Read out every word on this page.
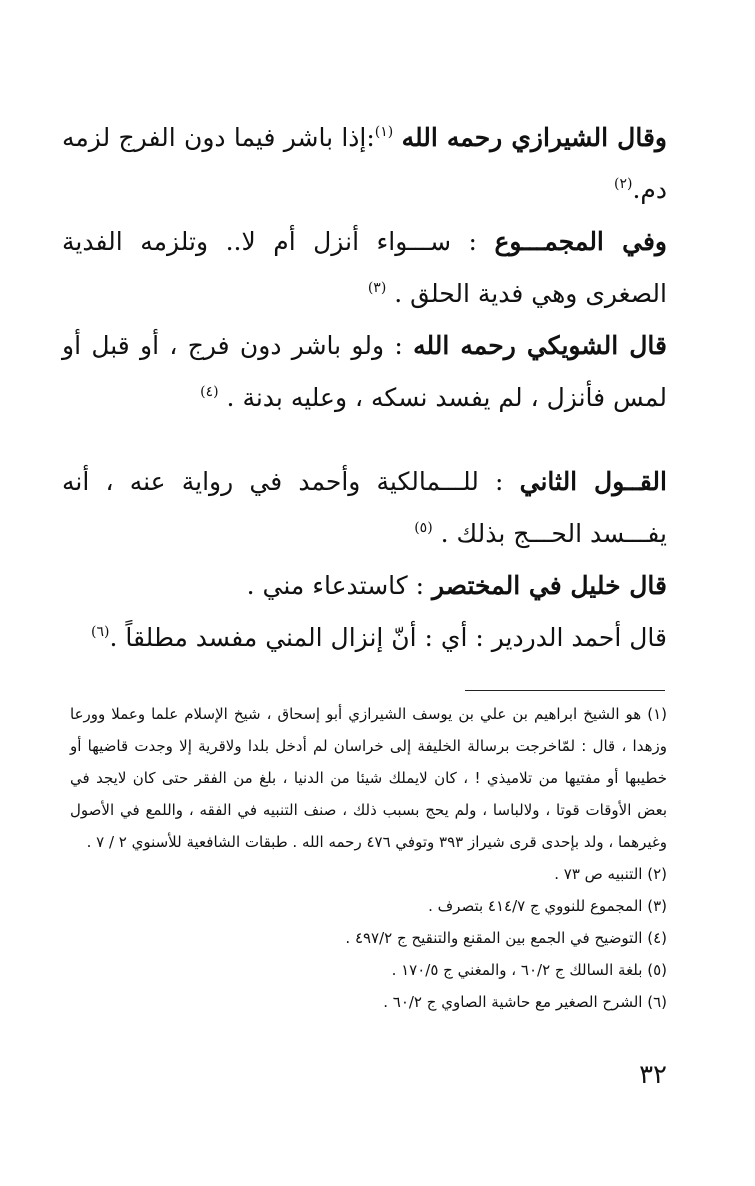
وقال الشيرازي رحمه الله $^{(١)}$:إذا باشر فيما دون الفرج لزمه دم.$^{(٢)}$

وفي المجمـــوع : ســـواء أنزل أم لا.. وتلزمه الفدية الصغرى وهي فدية الحلق . $^{(٣)}$

قال الشويكي رحمه الله : ولو باشر دون فرج ، أو قبل أو لمس فأنزل ، لم يفسد نسكه ، وعليه بدنة . $^{(٤)}$

القــول الثاني : للـــمالكية وأحمد في رواية عنه ، أنه يفـــسد الحـــج بذلك . $^{(٥)}$

قال خليل في المختصر : كاستدعاء مني .

قال أحمد الدردير : أي : أنّ إنزال المني مفسد مطلقاً .$^{(٦)}$

(١) هو الشيخ ابراهيم بن علي بن يوسف الشيرازي أبو إسحاق ، شيخ الإسلام علما وعملا وورعا وزهدا ، قال : لمّاخرجت برسالة الخليفة إلى خراسان لم أدخل بلدا ولاقرية إلا وجدت قاضيها أو خطيبها أو مفتيها من تلاميذي ! ، كان لايملك شيئا من الدنيا ، بلغ من الفقر حتى كان لايجد في بعض الأوقات قوتا ، ولالباسا ، ولم يحج بسبب ذلك ، صنف التنبيه في الفقه ، واللمع في الأصول وغيرهما ، ولد بإحدى قرى شيراز ٣٩٣ وتوفي ٤٧٦ رحمه الله . طبقات الشافعية للأسنوي ٢ / ٧ .

(٢) التنبيه ص ٧٣ .

(٣) المجموع للنووي ج ٤١٤/٧ بتصرف .

(٤) التوضيح في الجمع بين المقنع والتنقيح ج ٤٩٧/٢ .

(٥) بلغة السالك ج ٦٠/٢ ، والمغني ج ١٧٠/٥ .

(٦) الشرح الصغير مع حاشية الصاوي ج ٦٠/٢ .

٣٢
